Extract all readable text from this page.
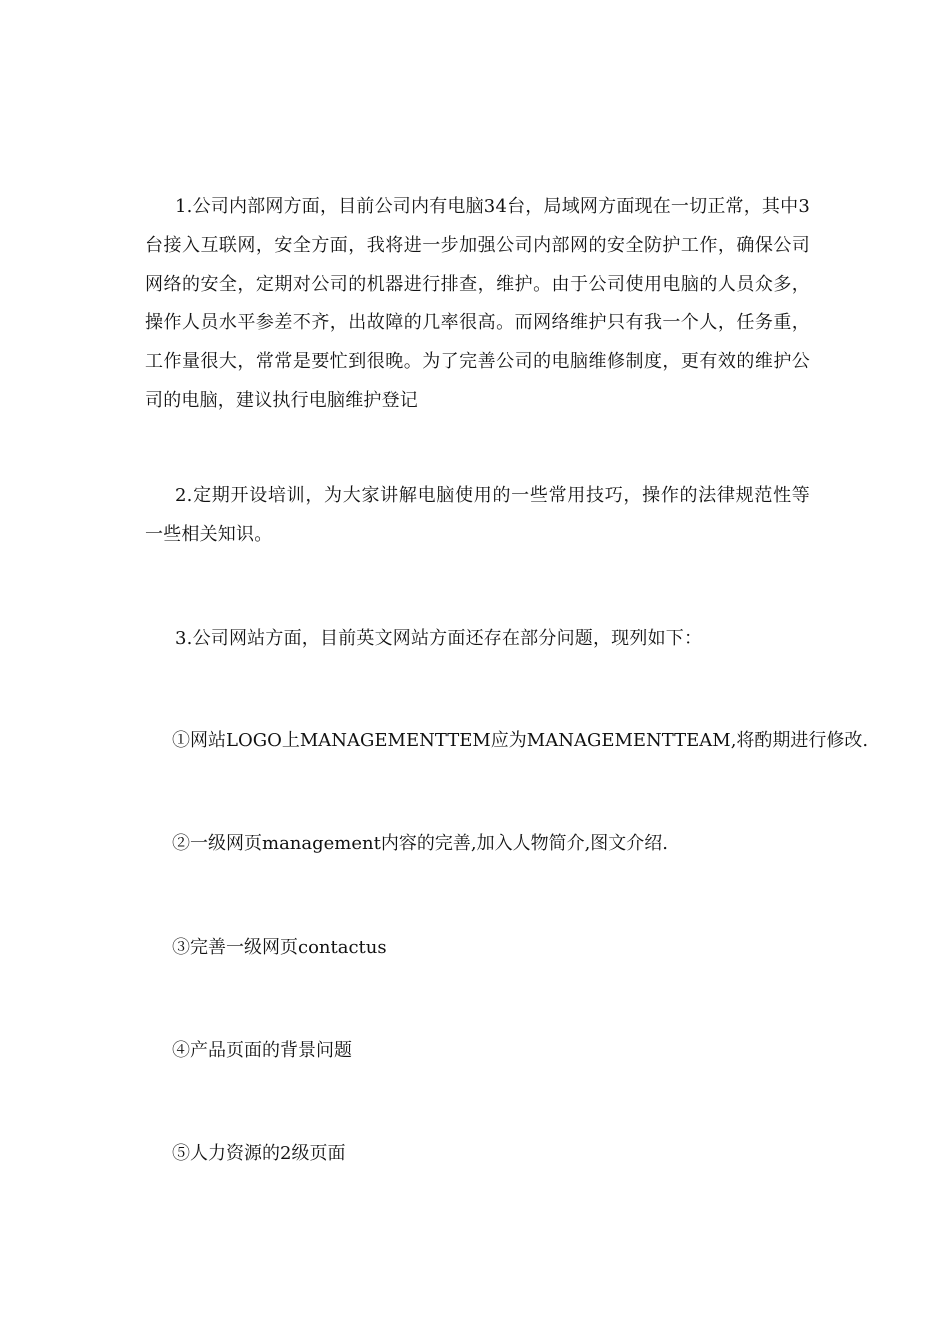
1.公司内部网方面，目前公司内有电脑34台，局域网方面现在一切正常，其中3台接入互联网，安全方面，我将进一步加强公司内部网的安全防护工作，确保公司网络的安全，定期对公司的机器进行排查，维护。由于公司使用电脑的人员众多，操作人员水平参差不齐，出故障的几率很高。而网络维护只有我一个人，任务重，工作量很大，常常是要忙到很晚。为了完善公司的电脑维修制度，更有效的维护公司的电脑，建议执行电脑维护登记

2.定期开设培训，为大家讲解电脑使用的一些常用技巧，操作的法律规范性等一些相关知识。

3.公司网站方面，目前英文网站方面还存在部分问题，现列如下：

①网站LOGO上MANAGEMENTTEM应为MANAGEMENTTEAM,将酌期进行修改.

②一级网页management内容的完善,加入人物简介,图文介绍.

③完善一级网页contactus

④产品页面的背景问题

⑤人力资源的2级页面
